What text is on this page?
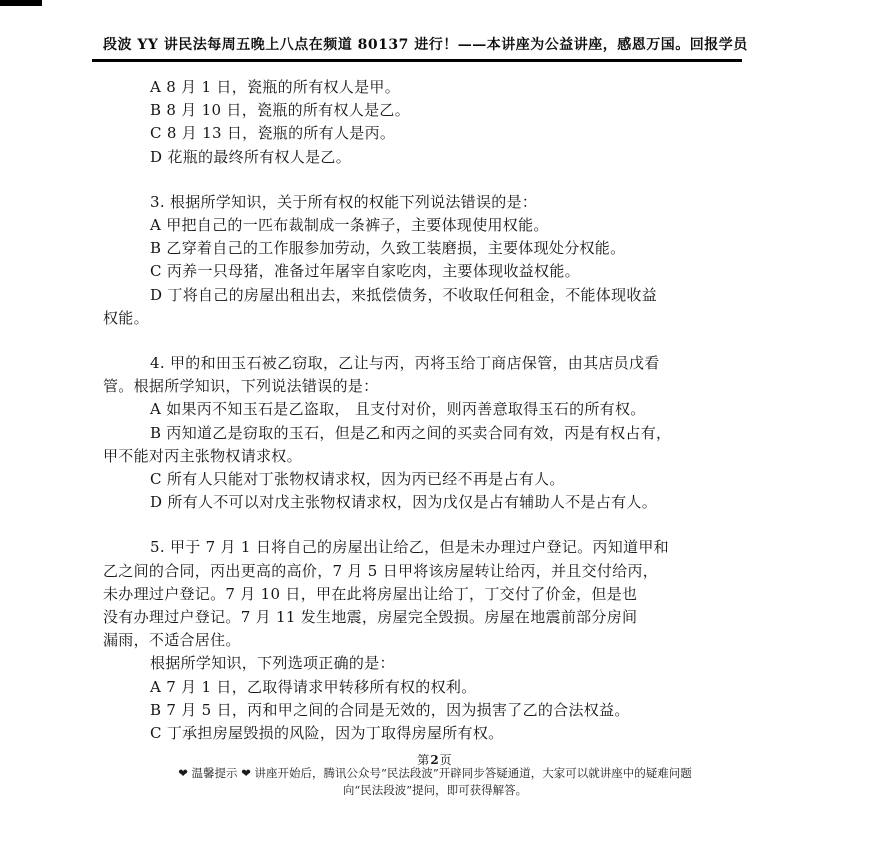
段波 YY 讲民法每周五晚上八点在频道 80137 进行！——本讲座为公益讲座，感恩万国。回报学员
A 8 月 1 日，瓷瓶的所有权人是甲。
B 8 月 10 日，瓷瓶的所有权人是乙。
C 8 月 13 日，瓷瓶的所有人是丙。
D 花瓶的最终所有权人是乙。
3. 根据所学知识，关于所有权的权能下列说法错误的是：
A 甲把自己的一匹布裁制成一条裤子，主要体现使用权能。
B 乙穿着自己的工作服参加劳动，久致工装磨损，主要体现处分权能。
C 丙养一只母猪，准备过年屠宰自家吃肉，主要体现收益权能。
D 丁将自己的房屋出租出去，来抵偿债务，不收取任何租金，不能体现收益
权能。
4. 甲的和田玉石被乙窃取，乙让与丙，丙将玉给丁商店保管，由其店员戊看
管。根据所学知识，下列说法错误的是：
A 如果丙不知玉石是乙盗取， 且支付对价，则丙善意取得玉石的所有权。
B 丙知道乙是窃取的玉石，但是乙和丙之间的买卖合同有效，丙是有权占有，
甲不能对丙主张物权请求权。
C 所有人只能对丁张物权请求权，因为丙已经不再是占有人。
D 所有人不可以对戊主张物权请求权，因为戊仅是占有辅助人不是占有人。
5. 甲于 7 月 1 日将自己的房屋出让给乙，但是未办理过户登记。丙知道甲和
乙之间的合同，丙出更高的高价，7 月 5 日甲将该房屋转让给丙，并且交付给丙，
未办理过户登记。7 月 10 日，甲在此将房屋出让给丁，丁交付了价金，但是也
没有办理过户登记。7 月 11 发生地震，房屋完全毁损。房屋在地震前部分房间
漏雨，不适合居住。
根据所学知识，下列选项正确的是：
A 7 月 1 日，乙取得请求甲转移所有权的权利。
B 7 月 5 日，丙和甲之间的合同是无效的，因为损害了乙的合法权益。
C 丁承担房屋毁损的风险，因为丁取得房屋所有权。
第2页
❤ 温馨提示 ❤ 讲座开始后，腾讯公众号“民法段波”开辟同步答疑通道，大家可以就讲座中的疑难问题
向“民法段波”提问，即可获得解答。
